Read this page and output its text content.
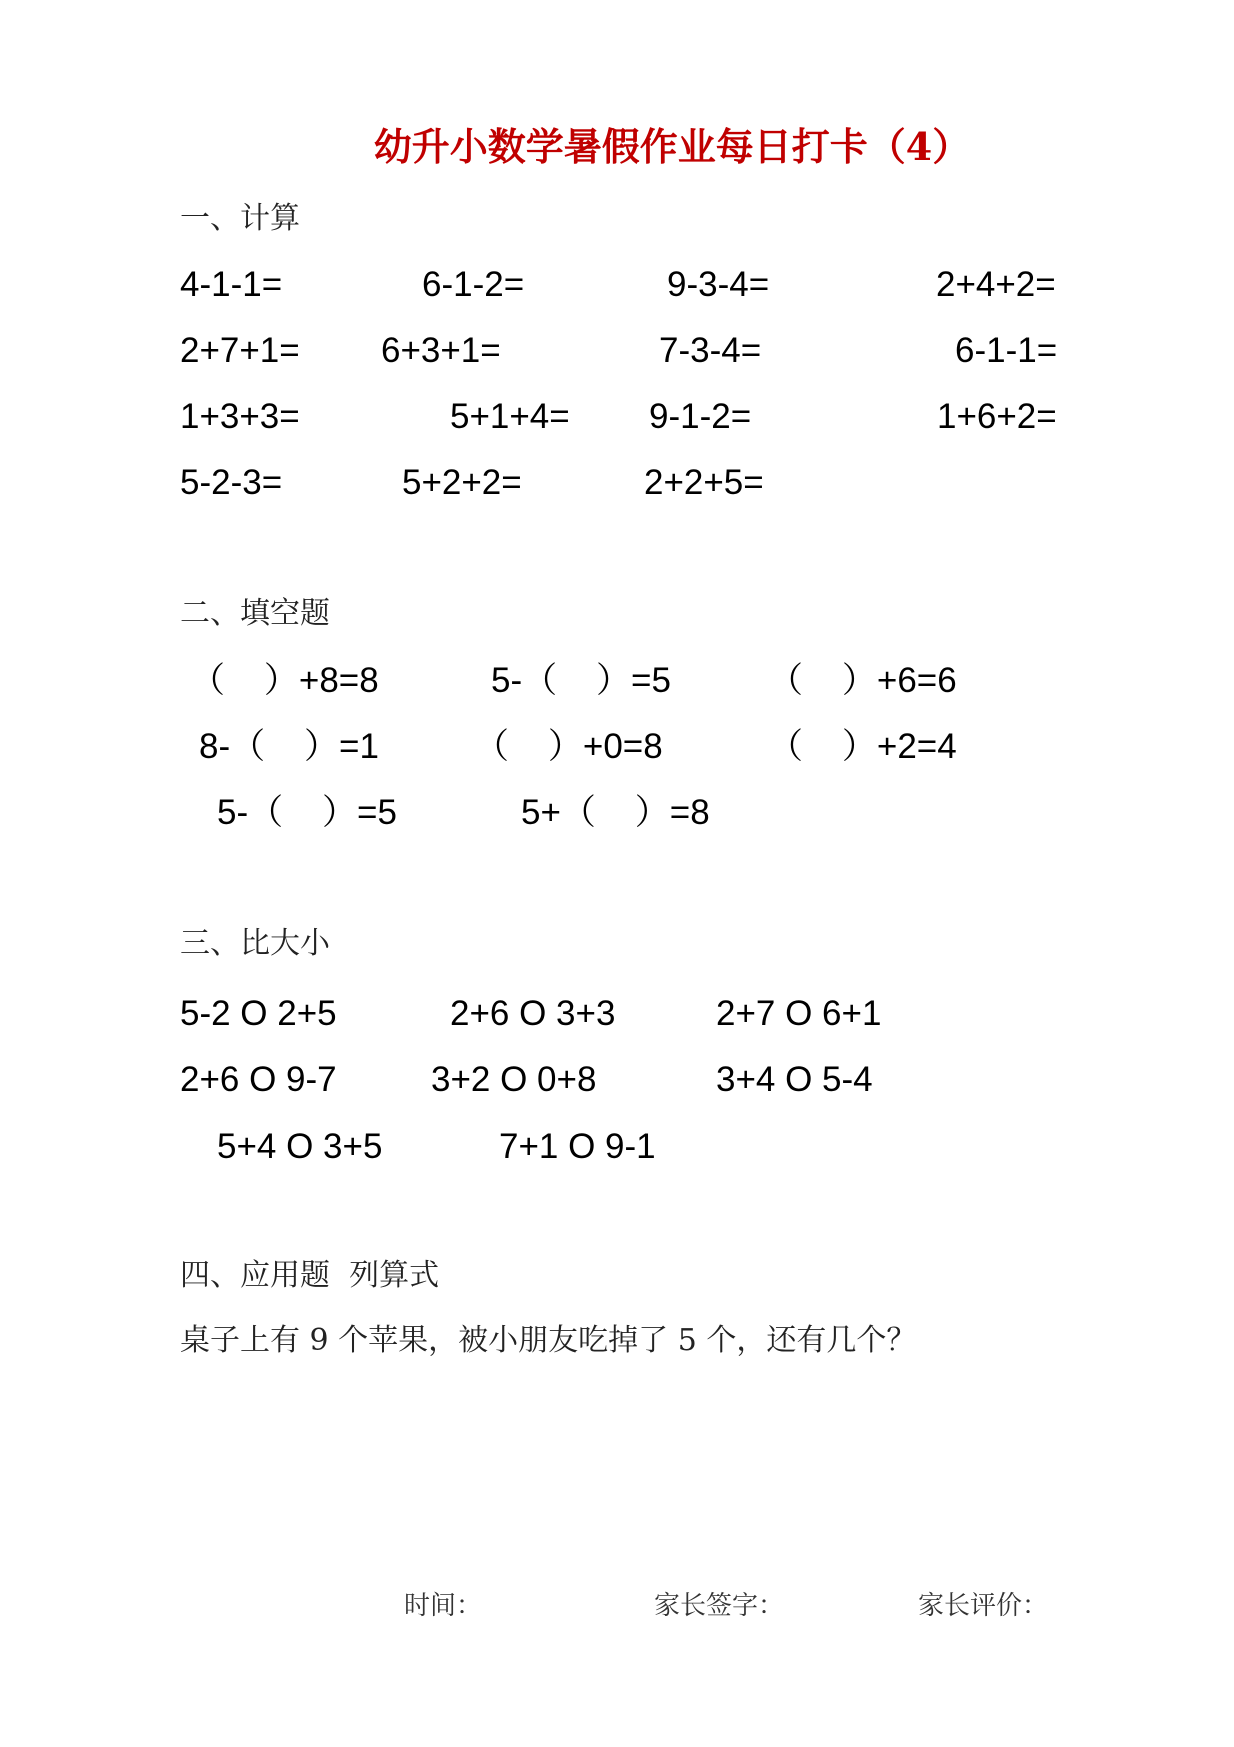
幼升小数学暑假作业每日打卡（4）
一、计算
4-1-1=	6-1-2=	9-3-4=	2+4+2=
2+7+1= 6+3+1=	7-3-4=	6-1-1=
1+3+3=	5+1+4= 9-1-2=	1+6+2=
5-2-3=	5+2+2=	2+2+5=
二、填空题
（    ）+8=8	5-（    ）=5	（    ）+6=6
8-（    ）=1	（    ）+0=8	（    ）+2=4
5-（    ）=5	5+（    ）=8
三、比大小
5-2 O 2+5	2+6 O 3+3	2+7 O 6+1
2+6 O 9-7	3+2 O 0+8	3+4 O 5-4
5+4 O 3+5	7+1 O 9-1
四、应用题  列算式
桌子上有 9 个苹果，被小朋友吃掉了 5 个，还有几个？
时间：	家长签字：	家长评价：
